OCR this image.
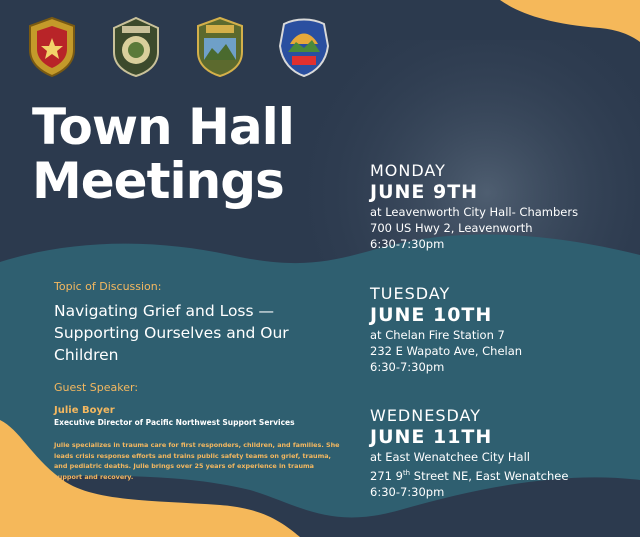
Town Hall
Meetings
Topic of Discussion:
Navigating Grief and Loss — Supporting Ourselves and Our Children
Guest Speaker:
Julie Boyer
Executive Director of Pacific Northwest Support Services
Julie specializes in trauma care for first responders, children, and families. She leads crisis response efforts and trains public safety teams on grief, trauma, and pediatric deaths. Julie brings over 25 years of experience in trauma support and recovery.
MONDAY
JUNE 9TH
at Leavenworth City Hall- Chambers
700 US Hwy 2, Leavenworth
6:30-7:30pm
TUESDAY
JUNE 10TH
at Chelan Fire Station 7
232 E Wapato Ave, Chelan
6:30-7:30pm
WEDNESDAY
JUNE 11TH
at East Wenatchee City Hall
271 9th Street NE, East Wenatchee
6:30-7:30pm
